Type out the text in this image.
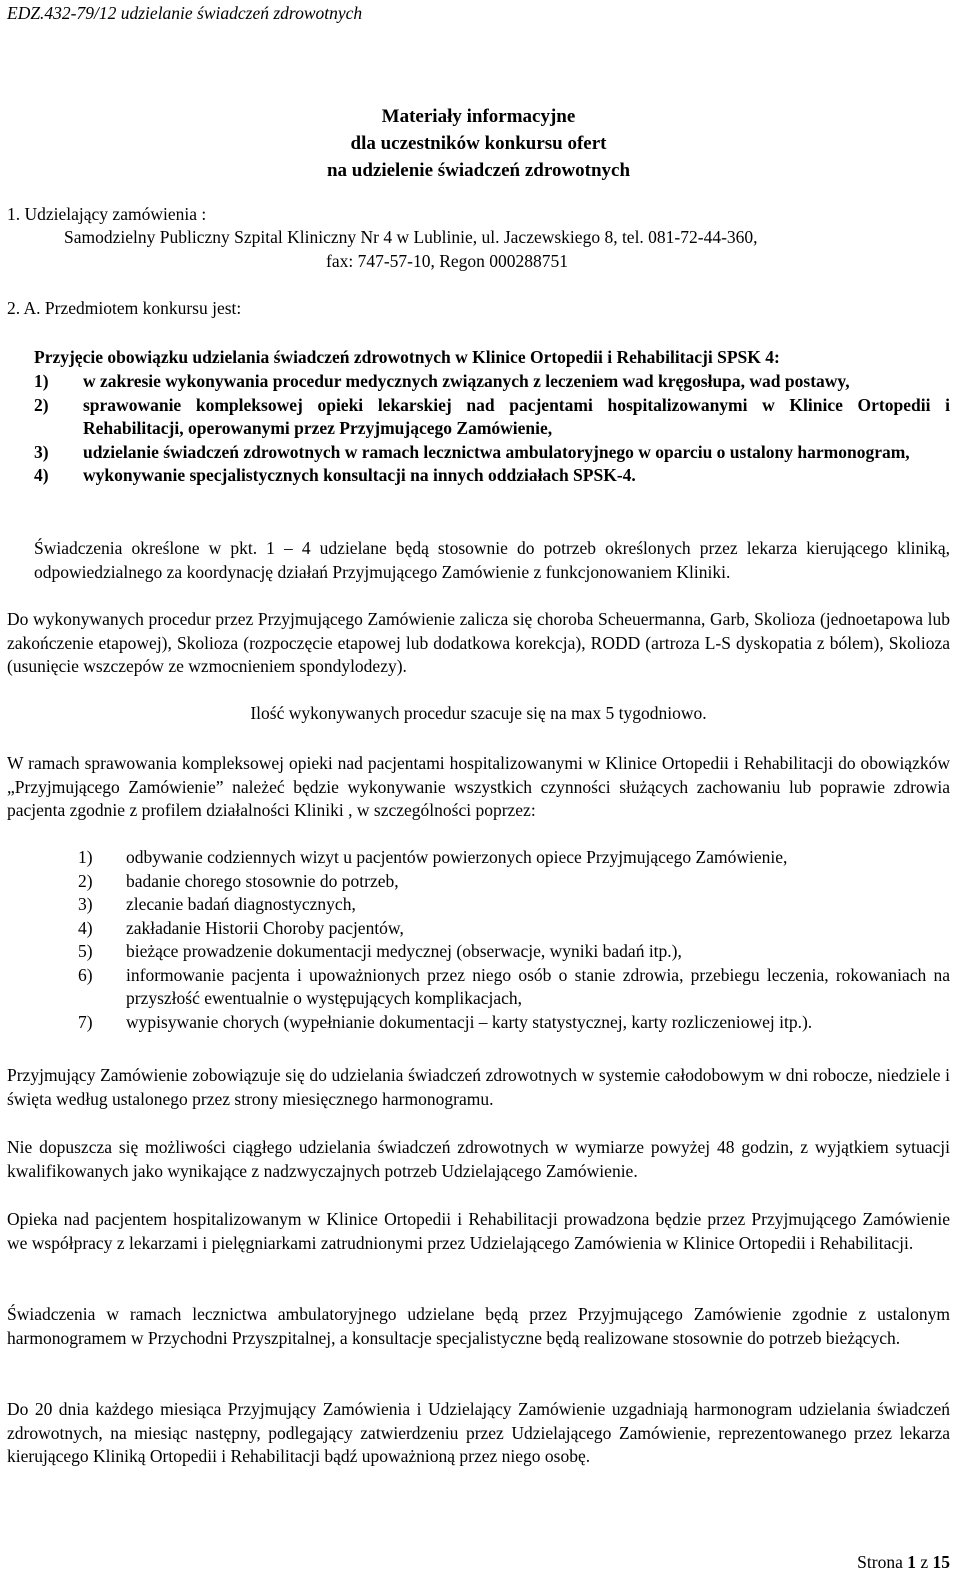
EDZ.432-79/12 udzielanie świadczeń zdrowotnych
Materiały informacyjne
dla uczestników konkursu ofert
na udzielenie świadczeń zdrowotnych
1. Udzielający zamówienia :
Samodzielny Publiczny Szpital Kliniczny Nr 4 w Lublinie, ul. Jaczewskiego 8, tel. 081-72-44-360,
fax: 747-57-10, Regon 000288751
2. A. Przedmiotem konkursu jest:
Przyjęcie obowiązku udzielania świadczeń zdrowotnych w Klinice Ortopedii i Rehabilitacji SPSK 4:
1) w zakresie wykonywania procedur medycznych związanych z leczeniem wad kręgosłupa, wad postawy,
2) sprawowanie kompleksowej opieki lekarskiej nad pacjentami hospitalizowanymi w Klinice Ortopedii i Rehabilitacji, operowanymi przez Przyjmującego Zamówienie,
3) udzielanie świadczeń zdrowotnych w ramach lecznictwa ambulatoryjnego w oparciu o ustalony harmonogram,
4) wykonywanie specjalistycznych konsultacji na innych oddziałach SPSK-4.
Świadczenia określone w pkt. 1 – 4 udzielane będą stosownie do potrzeb określonych przez lekarza kierującego kliniką, odpowiedzialnego za koordynację działań Przyjmującego Zamówienie z funkcjonowaniem Kliniki.
Do wykonywanych procedur przez Przyjmującego Zamówienie zalicza się choroba Scheuermanna, Garb, Skolioza (jednoetapowa lub zakończenie etapowej), Skolioza (rozpoczęcie etapowej lub dodatkowa korekcja), RODD (artroza L-S dyskopatia z bólem), Skolioza (usunięcie wszczepów ze wzmocnieniem spondylodezy).
Ilość wykonywanych procedur szacuje się na max 5 tygodniowo.
W ramach sprawowania kompleksowej opieki nad pacjentami hospitalizowanymi w Klinice Ortopedii i Rehabilitacji do obowiązków „Przyjmującego Zamówienie” należeć będzie wykonywanie wszystkich czynności służących zachowaniu lub poprawie zdrowia pacjenta zgodnie z profilem działalności Kliniki , w szczególności poprzez:
1) odbywanie codziennych wizyt u pacjentów powierzonych opiece Przyjmującego Zamówienie,
2) badanie chorego stosownie do potrzeb,
3) zlecanie badań diagnostycznych,
4) zakładanie Historii Choroby pacjentów,
5) bieżące prowadzenie dokumentacji medycznej (obserwacje, wyniki badań itp.),
6) informowanie pacjenta i upoważnionych przez niego osób o stanie zdrowia, przebiegu leczenia, rokowaniach na przyszłość ewentualnie o występujących komplikacjach,
7) wypisywanie chorych (wypełnianie dokumentacji – karty statystycznej, karty rozliczeniowej itp.).
Przyjmujący Zamówienie zobowiązuje się do udzielania świadczeń zdrowotnych w systemie całodobowym w dni robocze, niedziele i święta według ustalonego przez strony miesięcznego harmonogramu.
Nie dopuszcza się możliwości ciągłego udzielania świadczeń zdrowotnych w wymiarze powyżej 48 godzin, z wyjątkiem sytuacji kwalifikowanych jako wynikające z nadzwyczajnych potrzeb Udzielającego Zamówienie.
Opieka nad pacjentem hospitalizowanym w Klinice Ortopedii i Rehabilitacji prowadzona będzie przez Przyjmującego Zamówienie we współpracy z lekarzami i pielęgniarkami zatrudnionymi przez Udzielającego Zamówienia w Klinice Ortopedii i Rehabilitacji.
Świadczenia w ramach lecznictwa ambulatoryjnego udzielane będą przez Przyjmującego Zamówienie zgodnie z ustalonym harmonogramem w Przychodni Przyszpitalnej, a konsultacje specjalistyczne będą realizowane stosownie do potrzeb bieżących.
Do 20 dnia każdego miesiąca Przyjmujący Zamówienia i Udzielający Zamówienie uzgadniają harmonogram udzielania świadczeń zdrowotnych, na miesiąc następny, podlegający zatwierdzeniu przez Udzielającego Zamówienie, reprezentowanego przez lekarza kierującego Kliniką Ortopedii i Rehabilitacji bądź upoważnioną przez niego osobę.
Strona 1 z 15
